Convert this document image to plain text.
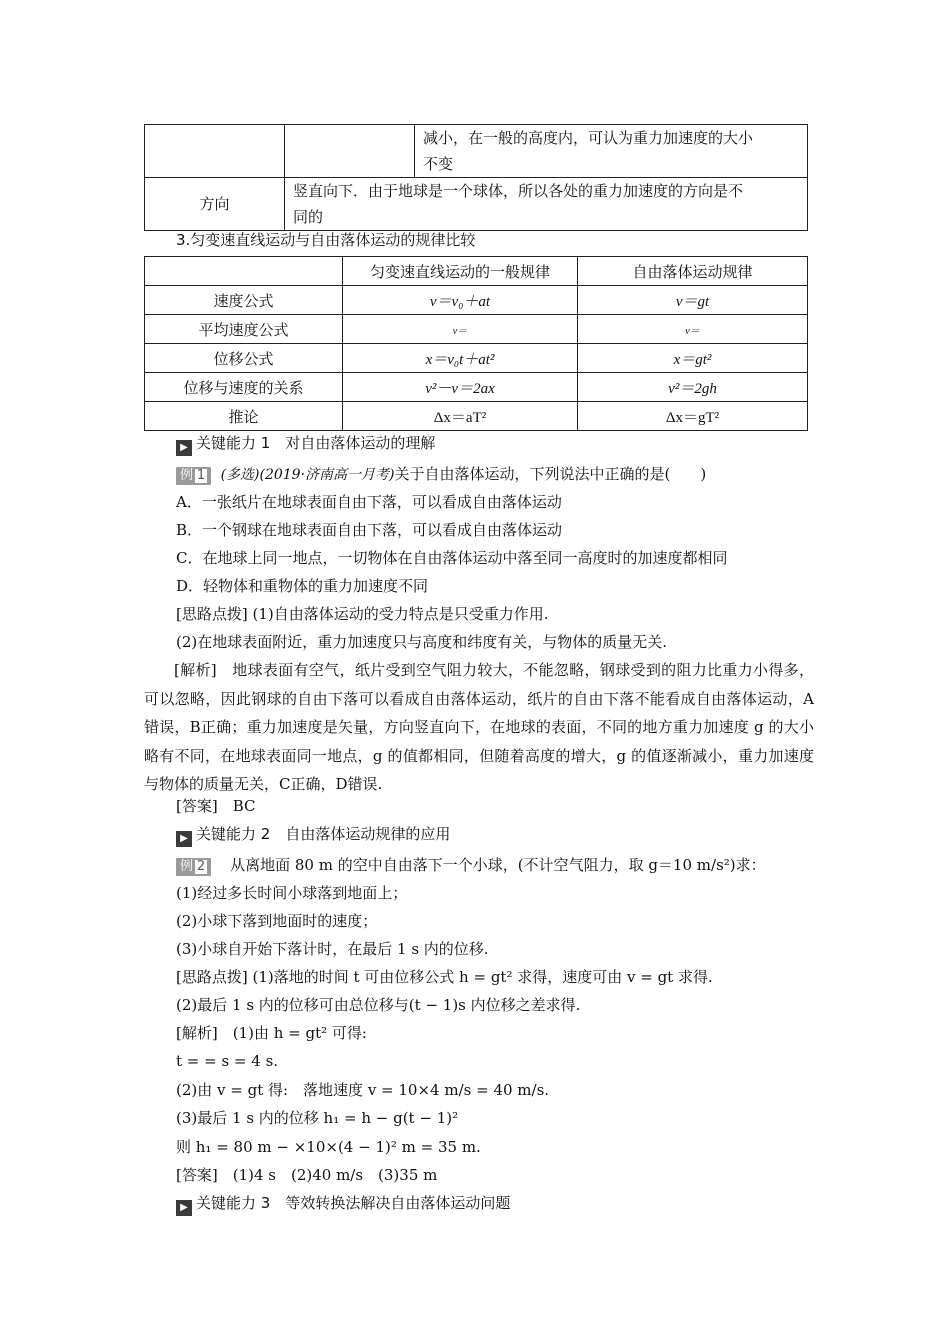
		减小，在一般的高度内，可认为重力加速度的大小
不变

方向	竖直向下．由于地球是一个球体，所以各处的重力加速度的方向是不
同的	
3.匀变速直线运动与自由落体运动的规律比较
	匀变速直线运动的一般规律	自由落体运动规律
速度公式	v＝v₀＋at	v＝gt
平均速度公式	v＝	v＝
位移公式	x＝v₀t＋at²	x＝gt²
位移与速度的关系	v²－v＝2ax	v²＝2gh
推论	Δx＝aT²	Δx＝gT²
▶ 关键能力 1　 对自由落体运动的理解
例 1 (多选)(2019·济南高一月考)关于自由落体运动，下列说法中正确的是(　　)
A．一张纸片在地球表面自由下落，可以看成自由落体运动
B．一个钢球在地球表面自由下落，可以看成自由落体运动
C．在地球上同一地点，一切物体在自由落体运动中落至同一高度时的加速度都相同
D．轻物体和重物体的重力加速度不同
[思路点拨] (1)自由落体运动的受力特点是只受重力作用.
(2)在地球表面附近，重力加速度只与高度和纬度有关，与物体的质量无关.
[解析]　地球表面有空气，纸片受到空气阻力较大，不能忽略，钢球受到的阻力比重力小得多，可以忽略，因此钢球的自由下落可以看成自由落体运动，纸片的自由下落不能看成自由落体运动，A错误，B正确；重力加速度是矢量，方向竖直向下，在地球的表面，不同的地方重力加速度 g 的大小略有不同，在地球表面同一地点，g 的值都相同，但随着高度的增大，g 的值逐渐减小，重力加速度与物体的质量无关，C正确，D错误.
[答案]　BC
▶ 关键能力 2　 自由落体运动规律的应用
例 2 从离地面 80 m 的空中自由落下一个小球，(不计空气阻力，取 g＝10 m/s²)求：
(1)经过多长时间小球落到地面上；
(2)小球下落到地面时的速度；
(3)小球自开始下落计时，在最后 1 s 内的位移.
[思路点拨] (1)落地的时间 t 可由位移公式 h = gt² 求得，速度可由 v = gt 求得.
(2)最后 1 s 内的位移可由总位移与(t − 1)s 内位移之差求得.
[解析]　(1)由 h = gt² 可得:
t = = s = 4 s.
(2)由 v = gt 得:　落地速度 v = 10×4 m/s = 40 m/s.
(3)最后 1 s 内的位移 h₁ = h − g(t − 1)²
则 h₁ = 80 m − ×10×(4 − 1)² m = 35 m.
[答案]　(1)4 s　(2)40 m/s　(3)35 m
▶ 关键能力 3　 等效转换法解决自由落体运动问题
